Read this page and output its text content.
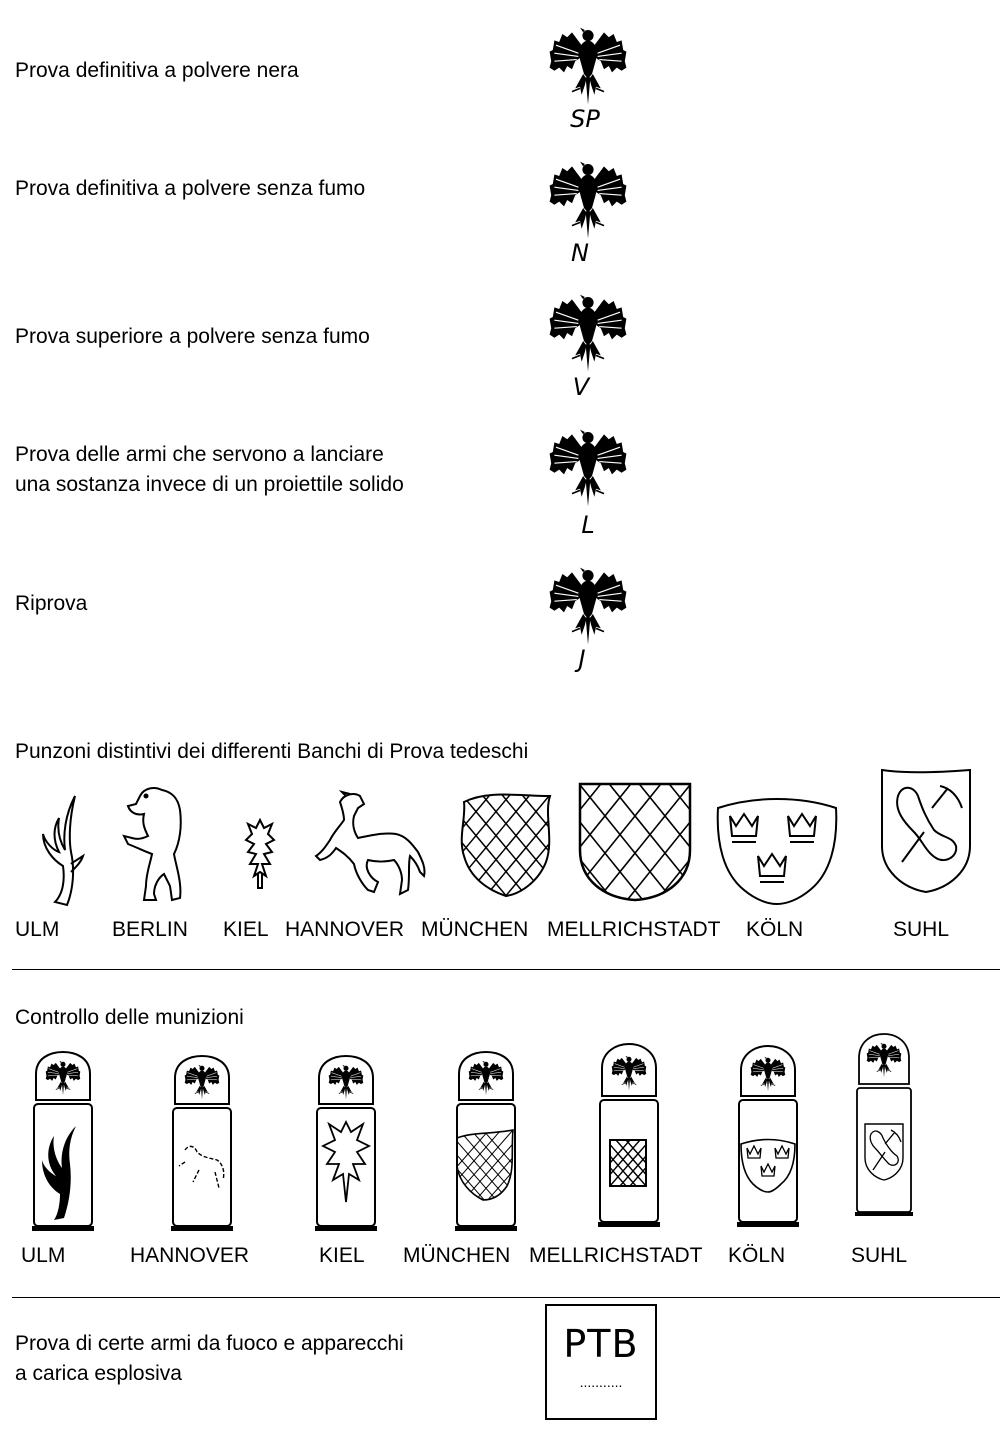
Prova definitiva a polvere nera
SP
Prova definitiva a polvere senza fumo
N
Prova superiore a polvere senza fumo
V
Prova delle armi che servono a lanciare
una sostanza invece di un proiettile solido
L
Riprova
J
Punzoni distintivi dei differenti Banchi di Prova tedeschi
ULM	BERLIN KIEL HANNOVER MÜNCHEN MELLRICHSTADT KÖLN	SUHL
Controllo delle munizioni
ULM	HANNOVER	KIEL MÜNCHEN MELLRICHSTADT KÖLN	SUHL
Prova di certe armi da fuoco e apparecchi
a carica esplosiva
PTB
...........
